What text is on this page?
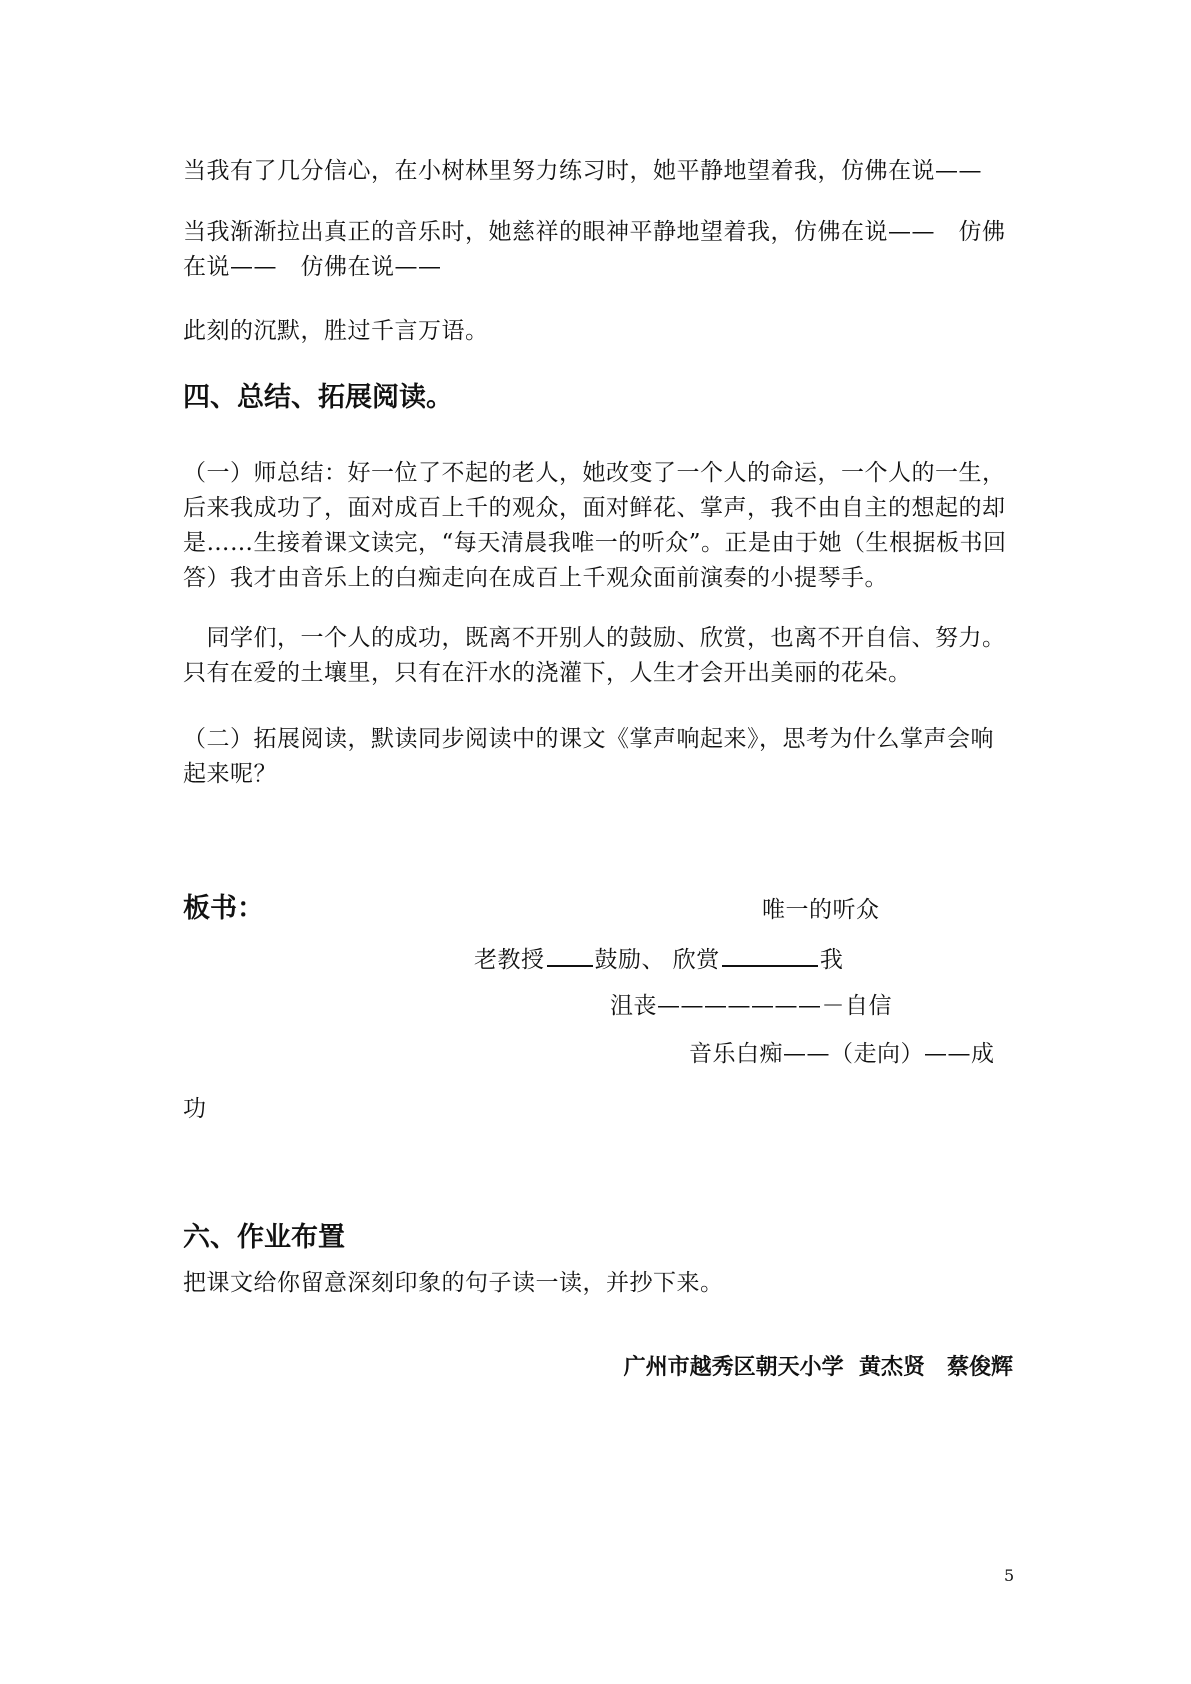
当我有了几分信心，在小树林里努力练习时，她平静地望着我，仿佛在说——

当我渐渐拉出真正的音乐时，她慈祥的眼神平静地望着我，仿佛在说——　仿佛在说——　仿佛在说——

此刻的沉默，胜过千言万语。

四、总结、拓展阅读。

（一）师总结：好一位了不起的老人，她改变了一个人的命运，一个人的一生，后来我成功了，面对成百上千的观众，面对鲜花、掌声，我不由自主的想起的却是……生接着课文读完，“每天清晨我唯一的听众”。正是由于她（生根据板书回答）我才由音乐上的白痴走向在成百上千观众面前演奏的小提琴手。

　同学们，一个人的成功，既离不开别人的鼓励、欣赏，也离不开自信、努力。只有在爱的土壤里，只有在汗水的浇灌下，人生才会开出美丽的花朵。

（二）拓展阅读，默读同步阅读中的课文《掌声响起来》，思考为什么掌声会响起来呢？

板书：	唯一的听众
老教授 鼓励、 欣赏	我
沮丧———————－自信
音乐白痴——（走向）——成
功
六、作业布置

把课文给你留意深刻印象的句子读一读，并抄下来。

广州市越秀区朝天小学  黄杰贤　蔡俊辉
5
